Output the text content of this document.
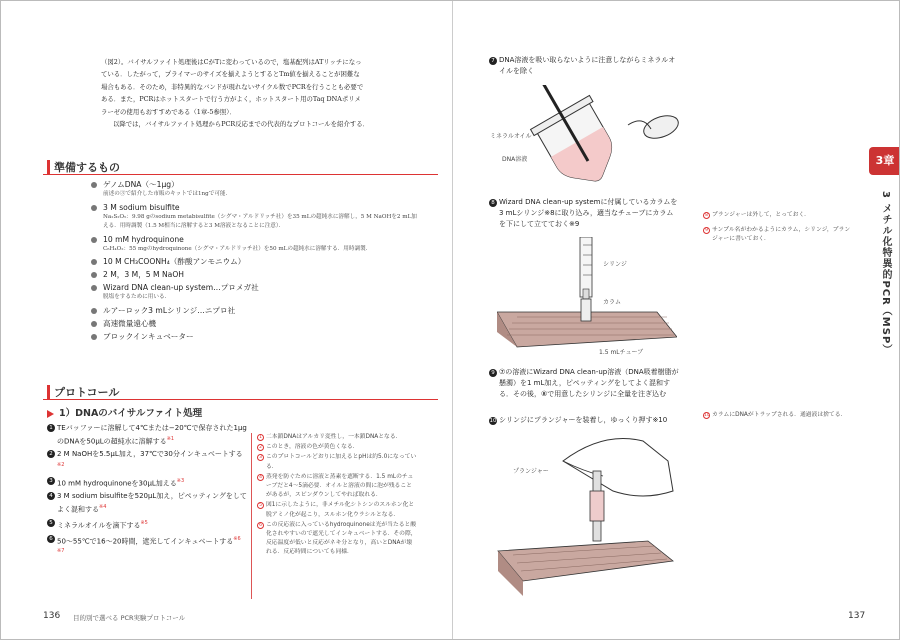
（図2）。バイサルファイト処理後はCがTに変わっているので，塩基配列はATリッチになっ

ている．したがって，プライマーのサイズを揃えようとするとTm値を揃えることが困難な

場合もある．そのため，非特異的なバンドが現れないサイクル数でPCRを行うことも必要で

ある．また，PCRはホットスタートで行う方がよく，ホットスタート用のTaq DNAポリメ

ラーゼの使用もおすすめである（1章-5参照）．

以降では，バイサルファイト処理からPCR反応までの代表的なプロトコールを紹介する．

準備するもの
ゲノムDNA（〜1μg）
前述の③で紹介した市販のキットでは1ngで可能．
3 M sodium bisulfite
Na₂S₂O₅：9.98 gのsodium metabisulfite（シグマ・アルドリッチ社）を35 mLの超純水に溶解し，5 M NaOHを2 mL加える．用時調製（1.5 M相当に溶解すると3 M溶液となることに注意）．
10 mM hydroquinone
C₆H₄O₂：55 mgのhydroquinone（シグマ・アルドリッチ社）を50 mLの超純水に溶解する．用時調製．
10 M CH₃COONH₄（酢酸アンモニウム）
2 M，3 M，5 M NaOH
Wizard DNA clean-up system…プロメガ社
脱塩をするために用いる．
ルアーロック3 mLシリンジ…ニプロ社
高速微量遠心機
ブロックインキュベーター
プロトコール
1）DNAのバイサルファイト処理
1 TEバッファーに溶解して4℃または−20℃で保存された1μgのDNAを50μLの超純水に溶解する$^{※1}$
2 2 M NaOHを5.5μL加え，37℃で30分インキュベートする$^{※2}$
3 10 mM hydroquinoneを30μL加える$^{※3}$
4 3 M sodium bisulfiteを520μL加え，ピペッティングをしてよく混和する$^{※4}$
5 ミネラルオイルを滴下する$^{※5}$
6 50〜55℃で16〜20時間，遮光してインキュベートする$^{※6 ※7}$
1 二本鎖DNAはアルカリ変性し，一本鎖DNAとなる．
2 このとき，溶液の色が黄色くなる．
3 このプロトコールどおりに加えるとpHは約5.0になっている．
4 蒸発を防ぐために溶液と蒸素を遮断する．1.5 mLのチューブだと4〜5滴必要．オイルと溶液の間に泡が残ることがあるが，スピンダウンしてやれば取れる．
5 図1に示したように，非メチル化シトシンのスルホン化と脱アミノ化が起こり，スルホン化ウラシルとなる．
6 この反応液に入っているhydroquinoneは光が当たると酸化されやすいので遮光してインキュベートする．その際，反応温度が低いと反応がネキ分となり，高いとDNAが壊れる．反応時間についても同様．
136 目的別で選べる PCR実験プロトコール
7 DNA溶液を吸い取らないように注意しながらミネラルオイルを除く
ミネラルオイル
DNA溶液
8 Wizard DNA clean-up systemに付属しているカラムを3 mLシリンジ※8に取り込み，適当なチューブにカラムを下にして立てておく※9
シリンジ
カラム
1.5 mLチューブ
9 ⑦の溶液にWizard DNA clean-up溶液（DNA吸着樹脂が懸濁）を1 mL加え，ピペッティングをしてよく混和する．その後，⑧で用意したシリンジに全量を注ぎ込む
10 シリンジにプランジャーを装着し，ゆっくり押す※10
プランジャー
8 プランジャーは外して，とっておく．
9 サンプル名がわかるようにカラム，シリンジ，プランジャーに書いておく．
10 カラムにDNAがトラップされる．通過液は捨てる．
3章
3 メチル化特異的PCR（MSP）
137
